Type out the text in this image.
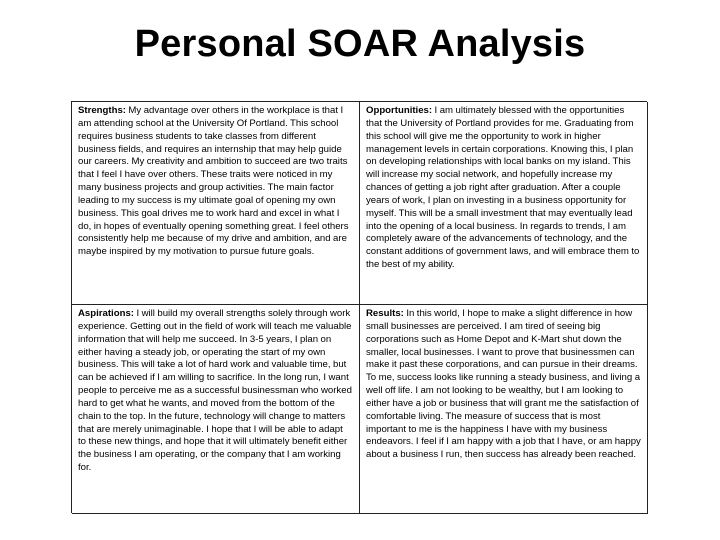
Personal SOAR Analysis

Strengths: My advantage over others in the workplace is that I am attending school at the University Of Portland. This school requires business students to take classes from different business fields, and requires an internship that may help guide our careers. My creativity and ambition to succeed are two traits that I feel I have over others. These traits were noticed in my many business projects and group activities. The main factor leading to my success is my ultimate goal of opening my own business. This goal drives me to work hard and excel in what I do, in hopes of eventually opening something great. I feel others consistently help me because of my drive and ambition, and are maybe inspired by my motivation to pursue future goals.

Opportunities: I am ultimately blessed with the opportunities that the University of Portland provides for me. Graduating from this school will give me the opportunity to work in higher management levels in certain corporations. Knowing this, I plan on developing relationships with local banks on my island. This will increase my social network, and hopefully increase my chances of getting a job right after graduation. After a couple years of work, I plan on investing in a business opportunity for myself. This will be a small investment that may eventually lead into the opening of a local business. In regards to trends, I am completely aware of the advancements of technology, and the constant additions of government laws, and will embrace them to the best of my ability.

Aspirations: I will build my overall strengths solely through work experience. Getting out in the field of work will teach me valuable information that will help me succeed. In 3-5 years, I plan on either having a steady job, or operating the start of my own business. This will take a lot of hard work and valuable time, but can be achieved if I am willing to sacrifice. In the long run, I want people to perceive me as a successful businessman who worked hard to get what he wants, and moved from the bottom of the chain to the top. In the future, technology will change to matters that are merely unimaginable. I hope that I will be able to adapt to these new things, and hope that it will ultimately benefit either the business I am operating, or the company that I am working for.

Results: In this world, I hope to make a slight difference in how small businesses are perceived. I am tired of seeing big corporations such as Home Depot and K-Mart shut down the smaller, local businesses. I want to prove that businessmen can make it past these corporations, and can pursue in their dreams. To me, success looks like running a steady business, and living a well off life. I am not looking to be wealthy, but I am looking to either have a job or business that will grant me the satisfaction of comfortable living. The measure of success that is most important to me is the happiness I have with my business endeavors. I feel if I am happy with a job that I have, or am happy about a business I run, then success has already been reached.
